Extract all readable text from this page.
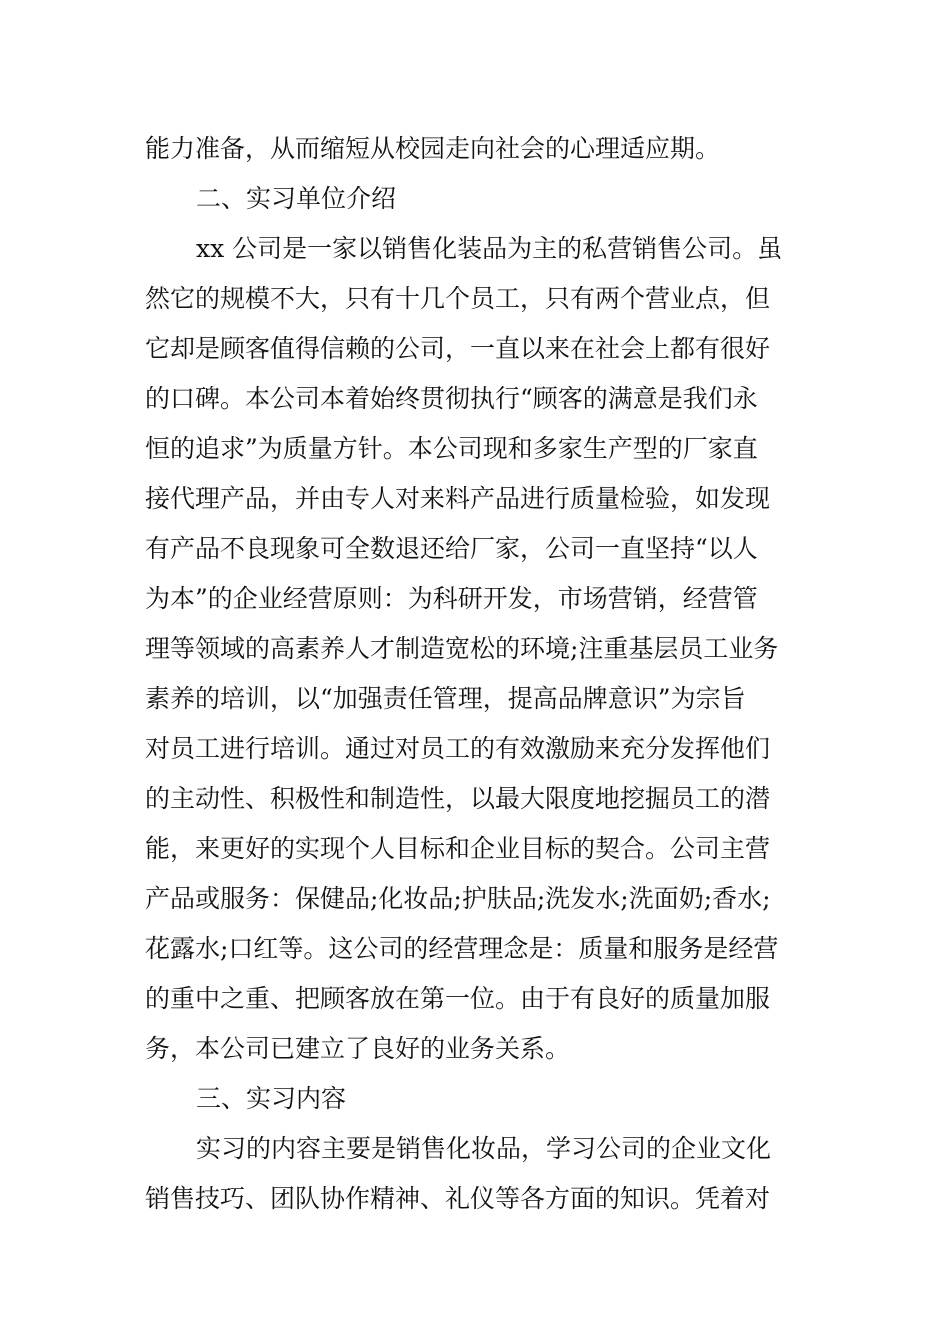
能力准备，从而缩短从校园走向社会的心理适应期。
二、实习单位介绍
xx 公司是一家以销售化装品为主的私营销售公司。虽
然它的规模不大，只有十几个员工，只有两个营业点，但
它却是顾客值得信赖的公司，一直以来在社会上都有很好
的口碑。本公司本着始终贯彻执行“顾客的满意是我们永
恒的追求”为质量方针。本公司现和多家生产型的厂家直
接代理产品，并由专人对来料产品进行质量检验，如发现
有产品不良现象可全数退还给厂家，公司一直坚持“以人
为本”的企业经营原则：为科研开发，市场营销，经营管
理等领域的高素养人才制造宽松的环境;注重基层员工业务
素养的培训，以“加强责任管理，提高品牌意识”为宗旨
对员工进行培训。通过对员工的有效激励来充分发挥他们
的主动性、积极性和制造性，以最大限度地挖掘员工的潜
能，来更好的实现个人目标和企业目标的契合。公司主营
产品或服务：保健品;化妆品;护肤品;洗发水;洗面奶;香水;
花露水;口红等。这公司的经营理念是：质量和服务是经营
的重中之重、把顾客放在第一位。由于有良好的质量加服
务，本公司已建立了良好的业务关系。
三、实习内容
实习的内容主要是销售化妆品，学习公司的企业文化
销售技巧、团队协作精神、礼仪等各方面的知识。凭着对
